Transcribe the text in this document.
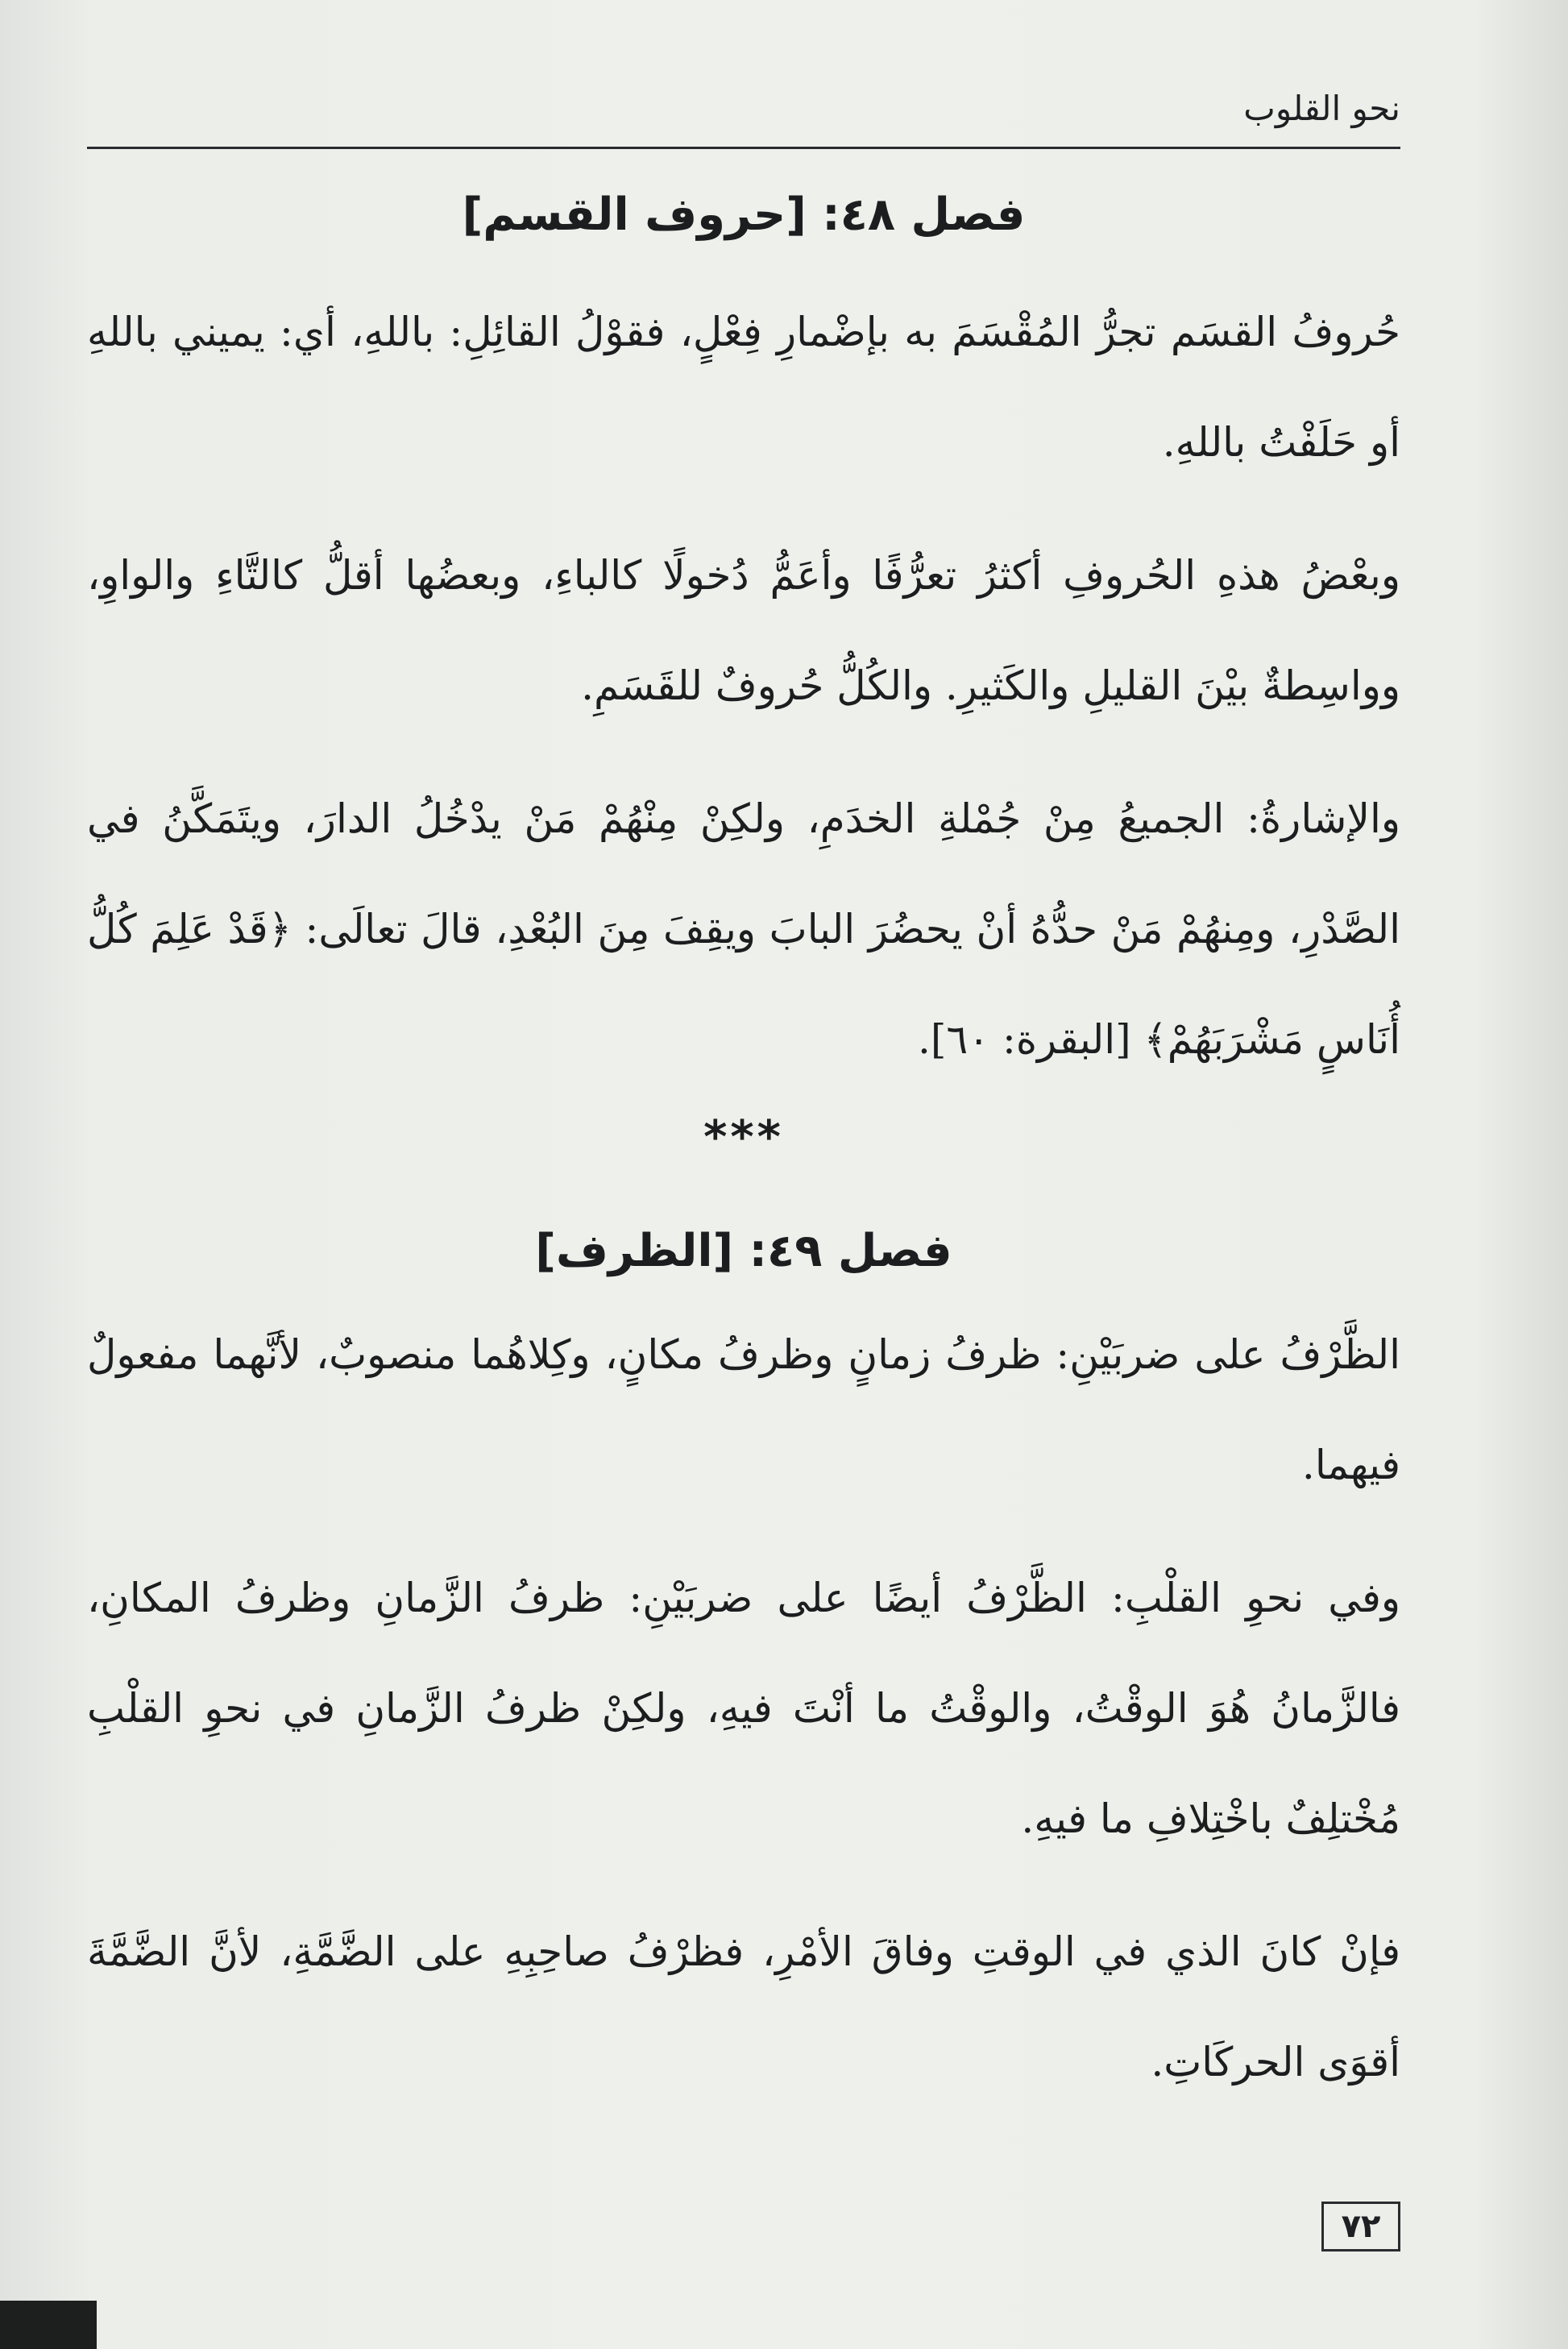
نحو القلوب
فصل ٤٨: [حروف القسم]

حُروفُ القسَم تجرُّ المُقْسَمَ به بإضْمارِ فِعْلٍ، فقوْلُ القائِلِ: باللهِ، أي: يميني باللهِ أو حَلَفْتُ باللهِ.

وبعْضُ هذهِ الحُروفِ أكثرُ تعرُّفًا وأعَمُّ دُخولًا كالباءِ، وبعضُها أقلُّ كالتَّاءِ والواوِ، وواسِطةٌ بيْنَ القليلِ والكَثيرِ. والكُلُّ حُروفٌ للقَسَمِ.

والإشارةُ: الجميعُ مِنْ جُمْلةِ الخدَمِ، ولكِنْ مِنْهُمْ مَنْ يدْخُلُ الدارَ، ويتَمَكَّنُ في الصَّدْرِ، ومِنهُمْ مَنْ حدُّهُ أنْ يحضُرَ البابَ ويقِفَ مِنَ البُعْدِ، قالَ تعالَى: ﴿قَدْ عَلِمَ كُلُّ أُنَاسٍ مَشْرَبَهُمْ﴾ [البقرة: ٦٠].

***
فصل ٤٩: [الظرف]

الظَّرْفُ على ضربَيْنِ: ظرفُ زمانٍ وظرفُ مكانٍ، وكِلاهُما منصوبٌ، لأنَّهما مفعولٌ فيهما.

وفي نحوِ القلْبِ: الظَّرْفُ أيضًا على ضربَيْنِ: ظرفُ الزَّمانِ وظرفُ المكانِ، فالزَّمانُ هُوَ الوقْتُ، والوقْتُ ما أنْتَ فيهِ، ولكِنْ ظرفُ الزَّمانِ في نحوِ القلْبِ مُخْتلِفٌ باخْتِلافِ ما فيهِ.

فإنْ كانَ الذي في الوقتِ وفاقَ الأمْرِ، فظرْفُ صاحِبِهِ على الضَّمَّةِ، لأنَّ الضَّمَّةَ أقوَى الحركَاتِ.

٧٢
